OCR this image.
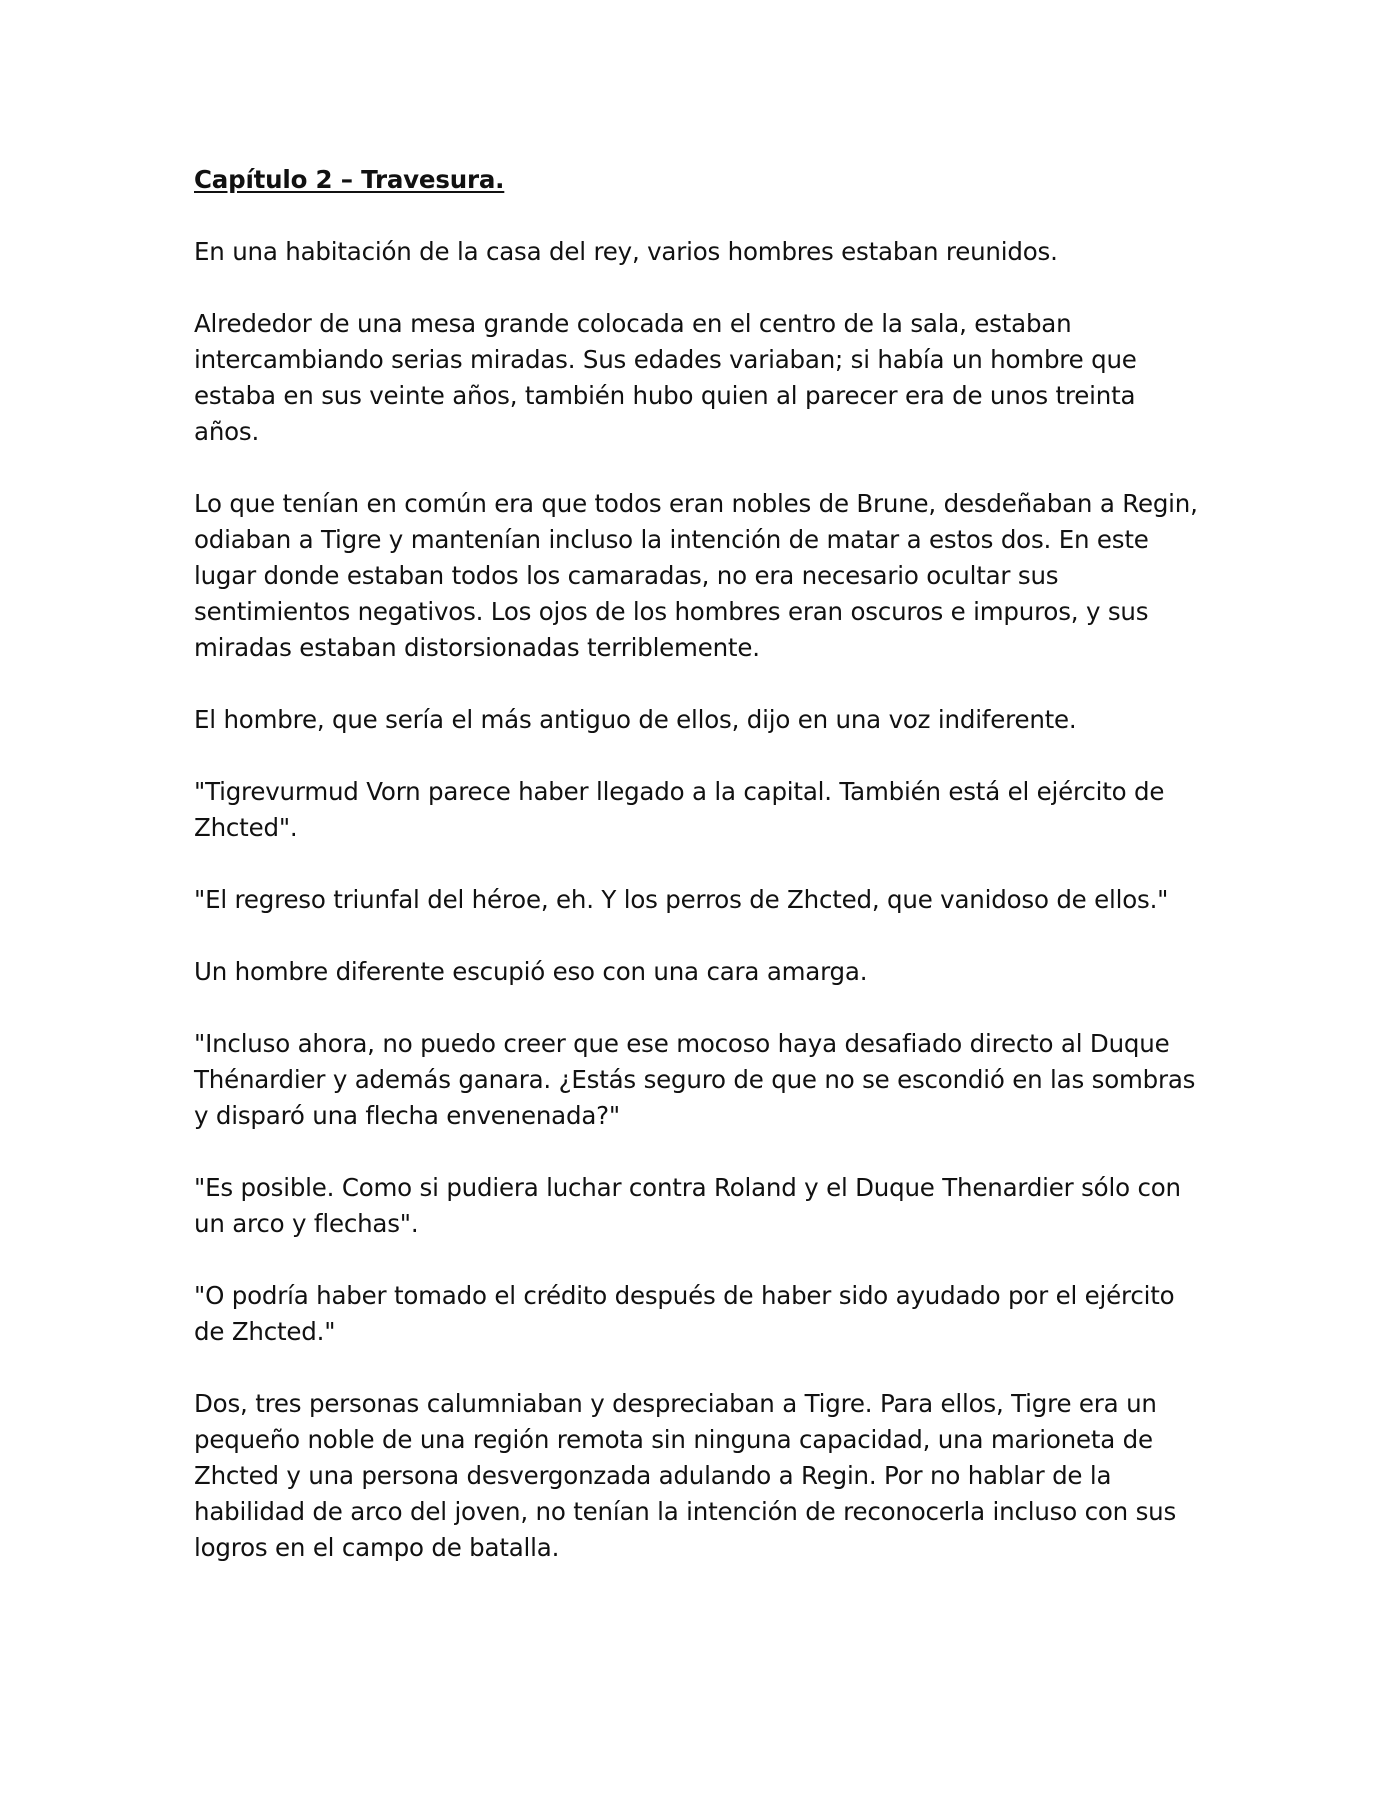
Capítulo 2 – Travesura.

En una habitación de la casa del rey, varios hombres estaban reunidos.

Alrededor de una mesa grande colocada en el centro de la sala, estaban intercambiando serias miradas. Sus edades variaban; si había un hombre que estaba en sus veinte años, también hubo quien al parecer era de unos treinta años.

Lo que tenían en común era que todos eran nobles de Brune, desdeñaban a Regin, odiaban a Tigre y mantenían incluso la intención de matar a estos dos. En este lugar donde estaban todos los camaradas, no era necesario ocultar sus sentimientos negativos. Los ojos de los hombres eran oscuros e impuros, y sus miradas estaban distorsionadas terriblemente.

El hombre, que sería el más antiguo de ellos, dijo en una voz indiferente.

"Tigrevurmud Vorn parece haber llegado a la capital. También está el ejército de Zhcted".

"El regreso triunfal del héroe, eh. Y los perros de Zhcted, que vanidoso de ellos."

Un hombre diferente escupió eso con una cara amarga.

"Incluso ahora, no puedo creer que ese mocoso haya desafiado directo al Duque Thénardier y además ganara. ¿Estás seguro de que no se escondió en las sombras y disparó una flecha envenenada?"

"Es posible. Como si pudiera luchar contra Roland y el Duque Thenardier sólo con un arco y flechas".

"O podría haber tomado el crédito después de haber sido ayudado por el ejército de Zhcted."

Dos, tres personas calumniaban y despreciaban a Tigre. Para ellos, Tigre era un pequeño noble de una región remota sin ninguna capacidad, una marioneta de Zhcted y una persona desvergonzada adulando a Regin. Por no hablar de la habilidad de arco del joven, no tenían la intención de reconocerla incluso con sus logros en el campo de batalla.
